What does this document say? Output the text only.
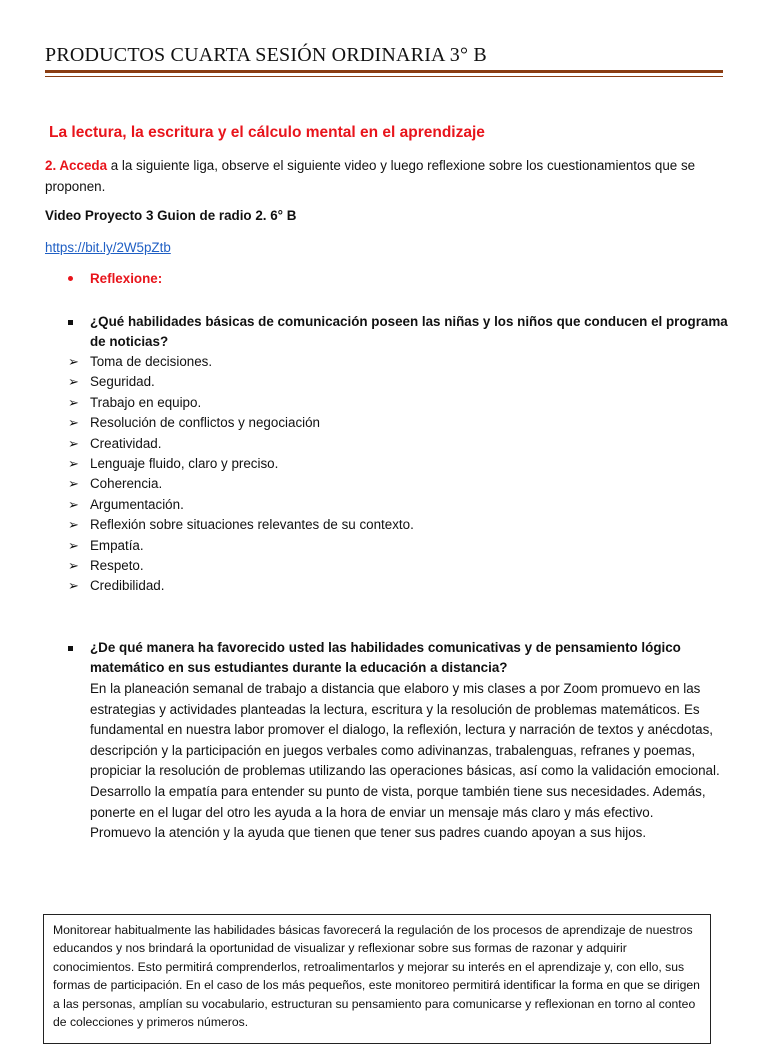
PRODUCTOS CUARTA SESIÓN ORDINARIA 3° B
La lectura, la escritura y el cálculo mental en el aprendizaje
2. Acceda a la siguiente liga, observe el siguiente video y luego reflexione sobre los cuestionamientos que se proponen.
Video Proyecto 3 Guion de radio 2. 6° B
https://bit.ly/2W5pZtb
Reflexione:
¿Qué habilidades básicas de comunicación poseen las niñas y los niños que conducen el programa de noticias?
➢ Toma de decisiones.
➢ Seguridad.
➢ Trabajo en equipo.
➢ Resolución de conflictos y negociación
➢ Creatividad.
➢ Lenguaje fluido, claro y preciso.
➢ Coherencia.
➢ Argumentación.
➢ Reflexión sobre situaciones relevantes de su contexto.
➢ Empatía.
➢ Respeto.
➢ Credibilidad.
¿De qué manera ha favorecido usted las habilidades comunicativas y de pensamiento lógico matemático en sus estudiantes durante la educación a distancia?

En la planeación semanal de trabajo a distancia que elaboro y mis clases a por Zoom promuevo en las estrategias y actividades planteadas la lectura, escritura y la resolución de problemas matemáticos. Es fundamental en nuestra labor promover el dialogo, la reflexión, lectura y narración de textos y anécdotas, descripción y la participación en juegos verbales como adivinanzas, trabalenguas, refranes y poemas, propiciar la resolución de problemas utilizando las operaciones básicas, así como la validación emocional.

Desarrollo la empatía para entender su punto de vista, porque también tiene sus necesidades. Además, ponerte en el lugar del otro les ayuda a la hora de enviar un mensaje más claro y más efectivo.

Promuevo la atención y la ayuda que tienen que tener sus padres cuando apoyan a sus hijos.

Monitorear habitualmente las habilidades básicas favorecerá la regulación de los procesos de aprendizaje de nuestros educandos y nos brindará la oportunidad de visualizar y reflexionar sobre sus formas de razonar y adquirir conocimientos. Esto permitirá comprenderlos, retroalimentarlos y mejorar su interés en el aprendizaje y, con ello, sus formas de participación. En el caso de los más pequeños, este monitoreo permitirá identificar la forma en que se dirigen a las personas, amplían su vocabulario, estructuran su pensamiento para comunicarse y reflexionan en torno al conteo de colecciones y primeros números.
